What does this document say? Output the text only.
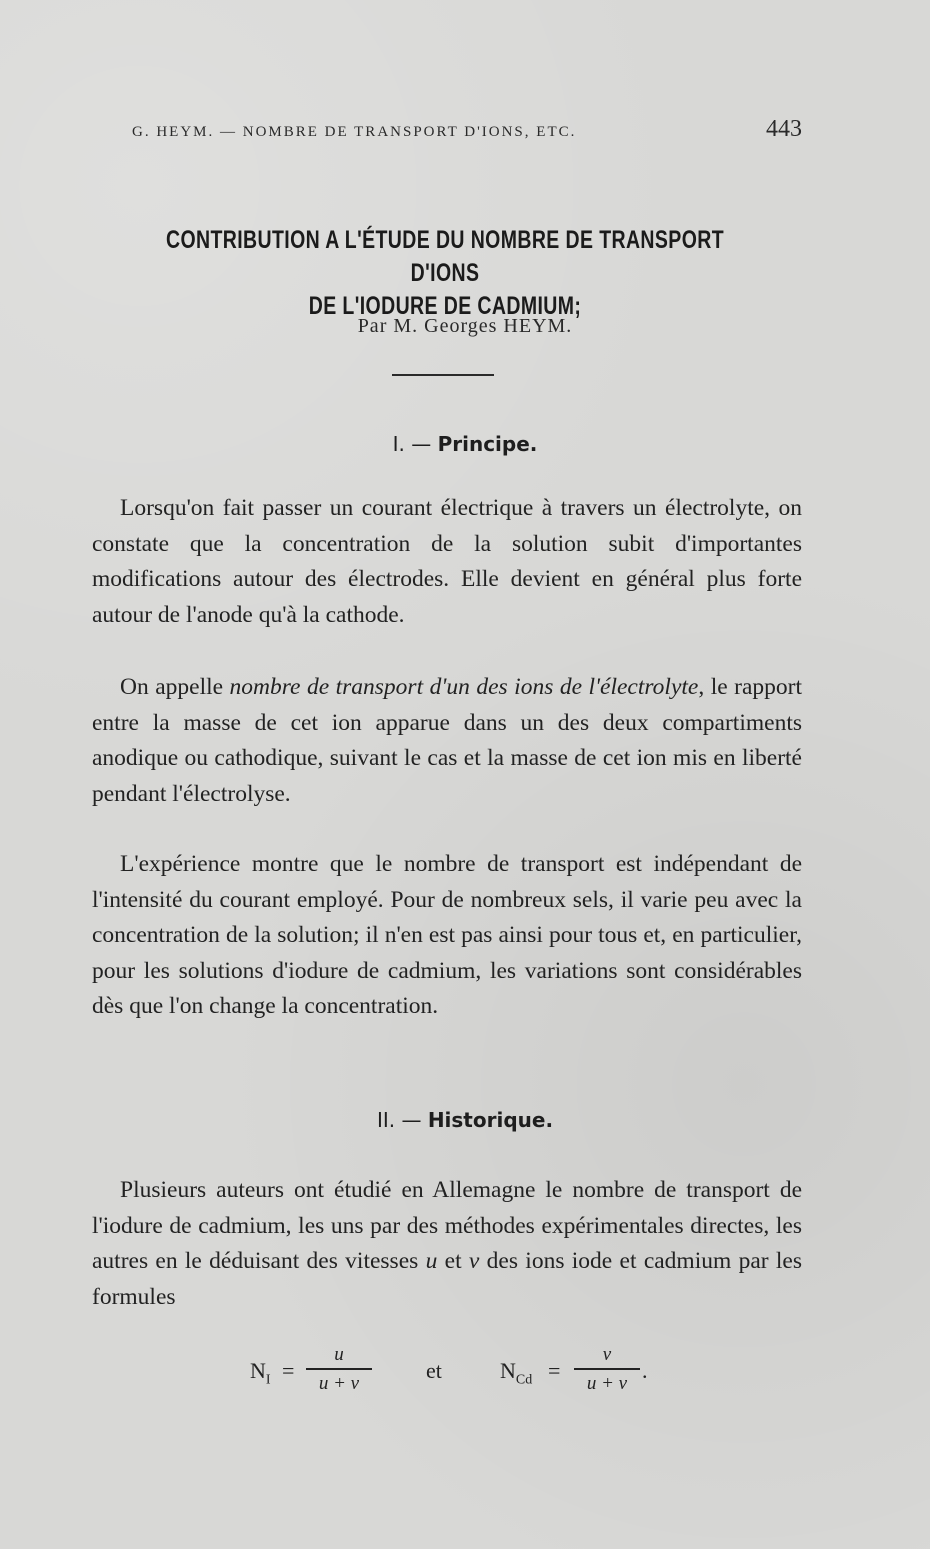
G. HEYM. — NOMBRE DE TRANSPORT D'IONS, ETC.	443
CONTRIBUTION A L'ÉTUDE DU NOMBRE DE TRANSPORT D'IONS
DE L'IODURE DE CADMIUM;
Par M. Georges HEYM.
I. — Principe.

Lorsqu'on fait passer un courant électrique à travers un électrolyte, on constate que la concentration de la solution subit d'importantes modifications autour des électrodes. Elle devient en général plus forte autour de l'anode qu'à la cathode.

On appelle nombre de transport d'un des ions de l'électrolyte, le rapport entre la masse de cet ion apparue dans un des deux compartiments anodique ou cathodique, suivant le cas et la masse de cet ion mis en liberté pendant l'électrolyse.

L'expérience montre que le nombre de transport est indépendant de l'intensité du courant employé. Pour de nombreux sels, il varie peu avec la concentration de la solution; il n'en est pas ainsi pour tous et, en particulier, pour les solutions d'iodure de cadmium, les variations sont considérables dès que l'on change la concentration.

II. — Historique.

Plusieurs auteurs ont étudié en Allemagne le nombre de transport de l'iodure de cadmium, les uns par des méthodes expérimentales directes, les autres en le déduisant des vitesses u et v des ions iode et cadmium par les formules

$N_I$ =
u
u + v	et	$N_{Cd}$ =
v
u + v .
